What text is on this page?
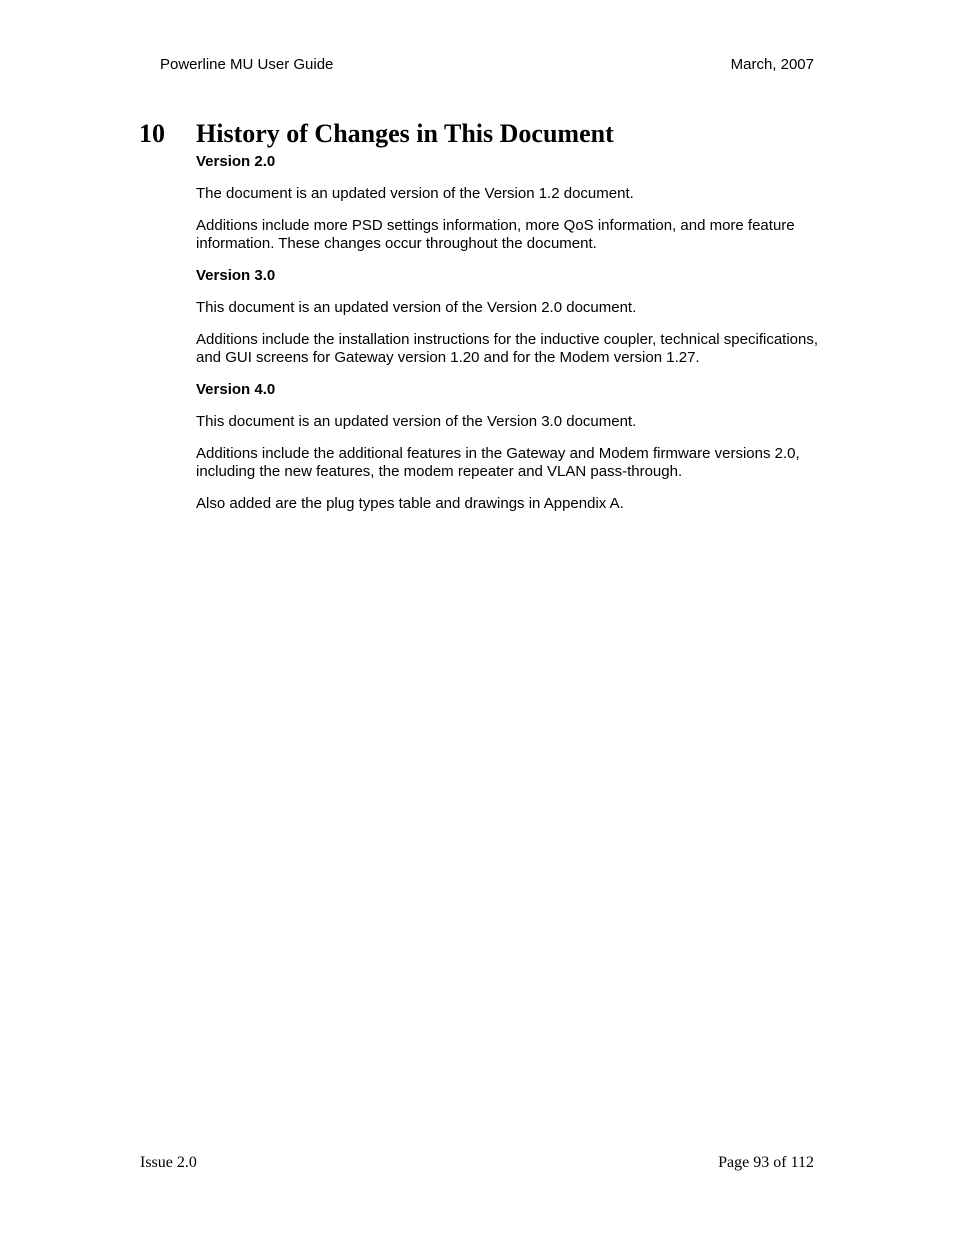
Powerline MU User Guide	March, 2007
10 History of Changes in This Document

Version 2.0

The document is an updated version of the Version 1.2 document.

Additions include more PSD settings information, more QoS information, and more feature information. These changes occur throughout the document.

Version 3.0

This document is an updated version of the Version 2.0 document.

Additions include the installation instructions for the inductive coupler, technical specifications, and GUI screens for Gateway version 1.20 and for the Modem version 1.27.

Version 4.0

This document is an updated version of the Version 3.0 document.

Additions include the additional features in the Gateway and Modem firmware versions 2.0, including the new features, the modem repeater and VLAN pass-through.

Also added are the plug types table and drawings in Appendix A.

Issue 2.0	Page 93 of 112
